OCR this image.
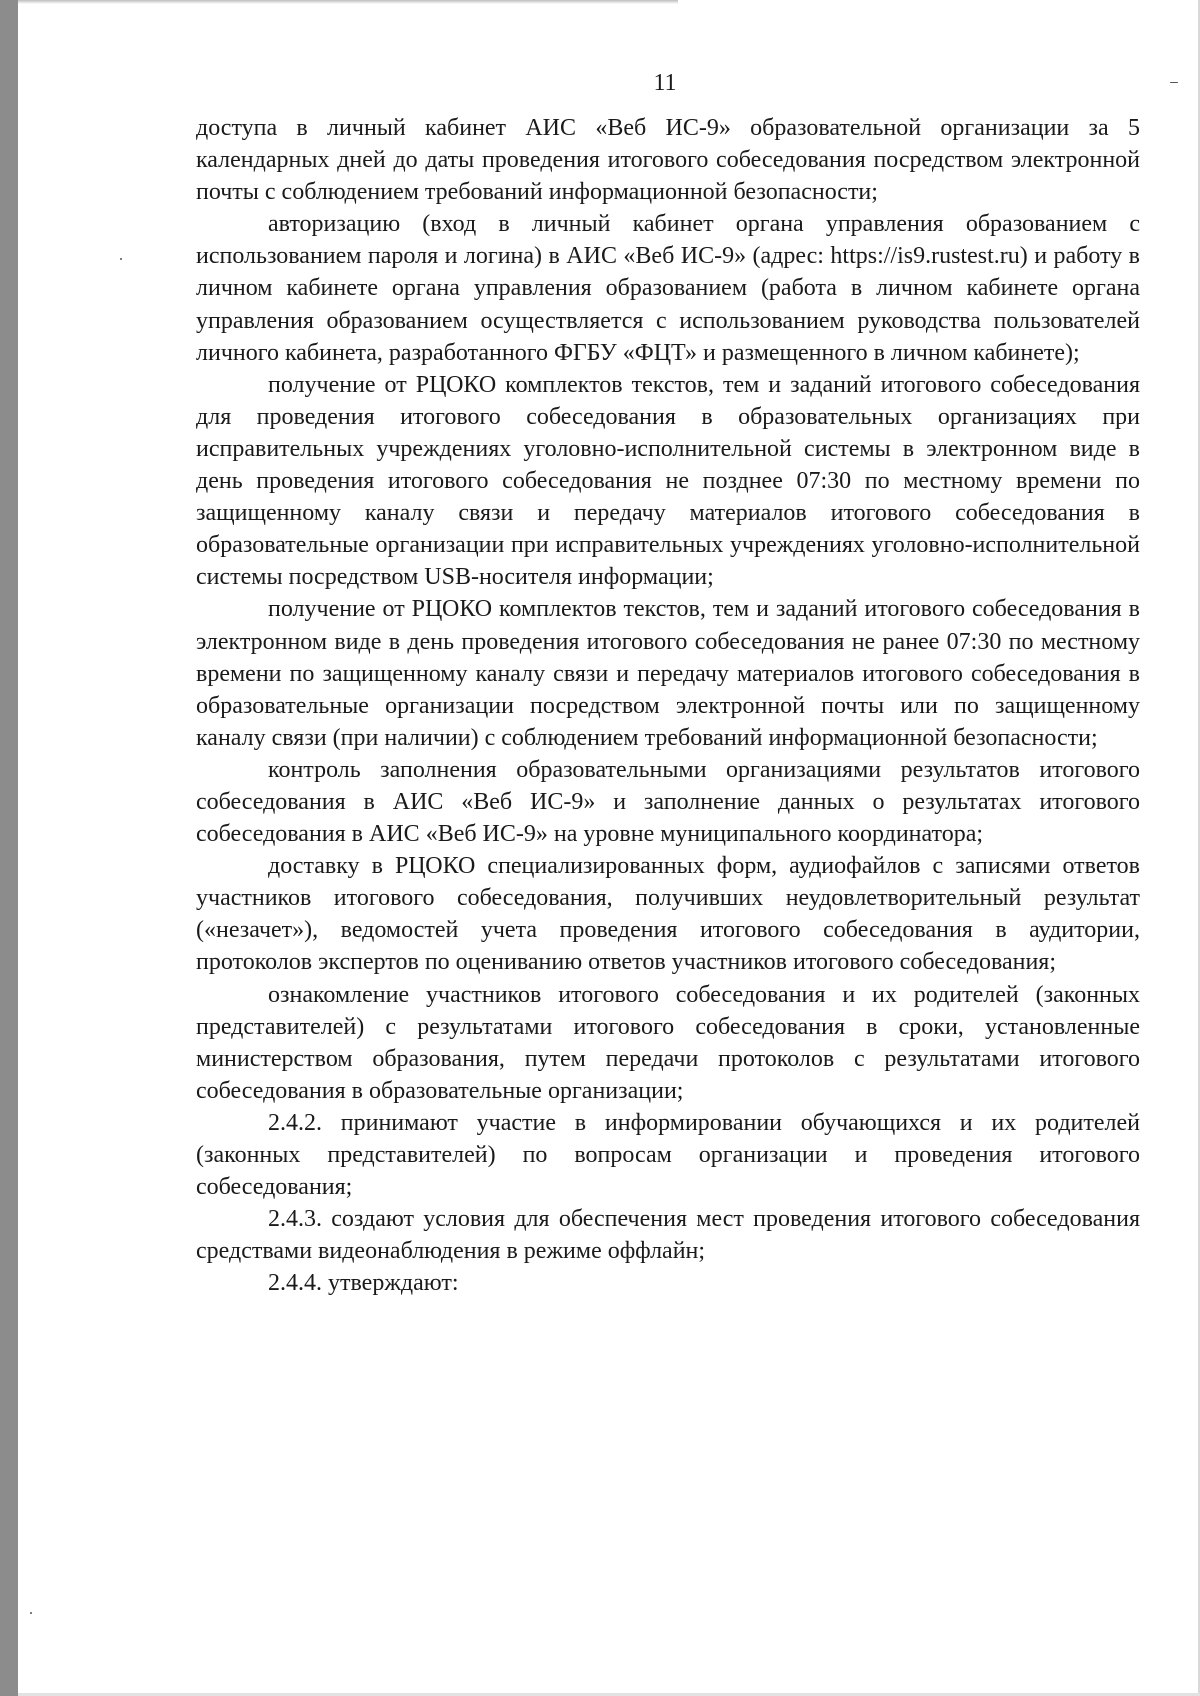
11

доступа в личный кабинет АИС «Веб ИС-9» образовательной организации за 5 календарных дней до даты проведения итогового собеседования посредством электронной почты с соблюдением требований информационной безопасности;

авторизацию (вход в личный кабинет органа управления образованием с использованием пароля и логина) в АИС «Веб ИС-9» (адрес: https://is9.rustest.ru) и работу в личном кабинете органа управления образованием (работа в личном кабинете органа управления образованием осуществляется с использованием руководства пользователей личного кабинета, разработанного ФГБУ «ФЦТ» и размещенного в личном кабинете);

получение от РЦОКО комплектов текстов, тем и заданий итогового собеседования для проведения итогового собеседования в образовательных организациях при исправительных учреждениях уголовно-исполнительной системы в электронном виде в день проведения итогового собеседования не позднее 07:30 по местному времени по защищенному каналу связи и передачу материалов итогового собеседования в образовательные организации при исправительных учреждениях уголовно-исполнительной системы посредством USB-носителя информации;

получение от РЦОКО комплектов текстов, тем и заданий итогового собеседования в электронном виде в день проведения итогового собеседования не ранее 07:30 по местному времени по защищенному каналу связи и передачу материалов итогового собеседования в образовательные организации посредством электронной почты или по защищенному каналу связи (при наличии) с соблюдением требований информационной безопасности;

контроль заполнения образовательными организациями результатов итогового собеседования в АИС «Веб ИС-9» и заполнение данных о результатах итогового собеседования в АИС «Веб ИС-9» на уровне муниципального координатора;

доставку в РЦОКО специализированных форм, аудиофайлов с записями ответов участников итогового собеседования, получивших неудовлетворительный результат («незачет»), ведомостей учета проведения итогового собеседования в аудитории, протоколов экспертов по оцениванию ответов участников итогового собеседования;

ознакомление участников итогового собеседования и их родителей (законных представителей) с результатами итогового собеседования в сроки, установленные министерством образования, путем передачи протоколов с результатами итогового собеседования в образовательные организации;

2.4.2. принимают участие в информировании обучающихся и их родителей (законных представителей) по вопросам организации и проведения итогового собеседования;

2.4.3. создают условия для обеспечения мест проведения итогового собеседования средствами видеонаблюдения в режиме оффлайн;

2.4.4. утверждают:
